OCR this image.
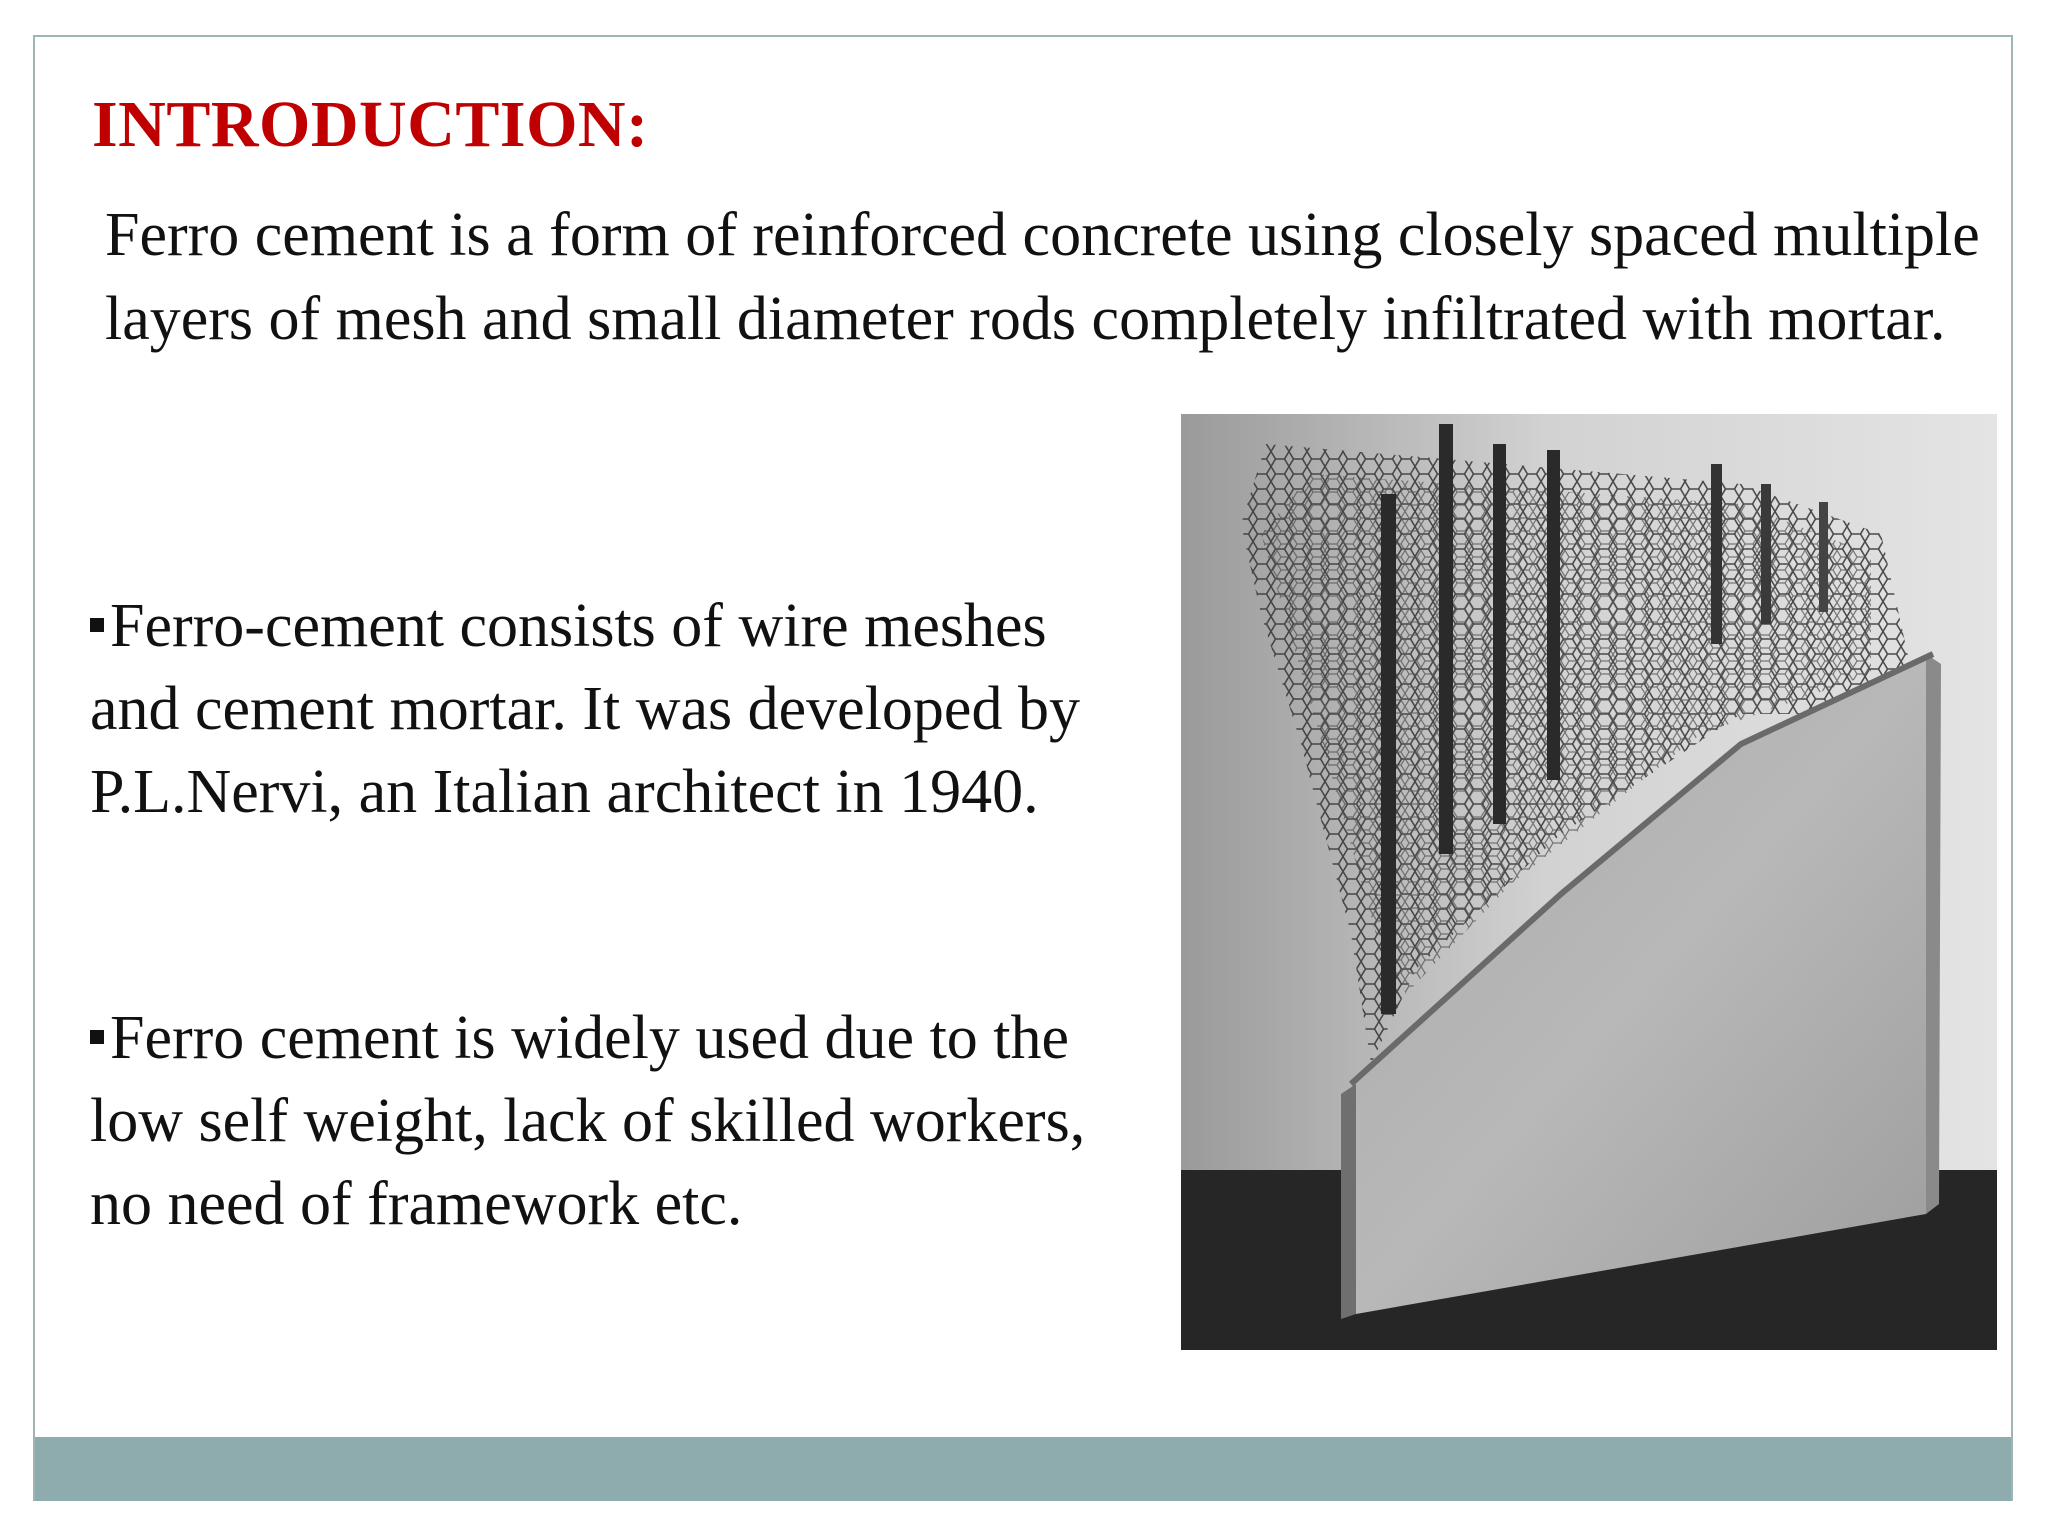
INTRODUCTION:

Ferro cement is a form of reinforced concrete using closely spaced multiple layers of mesh and small diameter rods completely infiltrated with mortar.

Ferro-cement consists of wire meshes and cement mortar. It was developed by P.L.Nervi, an Italian architect in 1940.

Ferro cement is widely used due to the low self weight, lack of skilled workers, no need of framework etc.
